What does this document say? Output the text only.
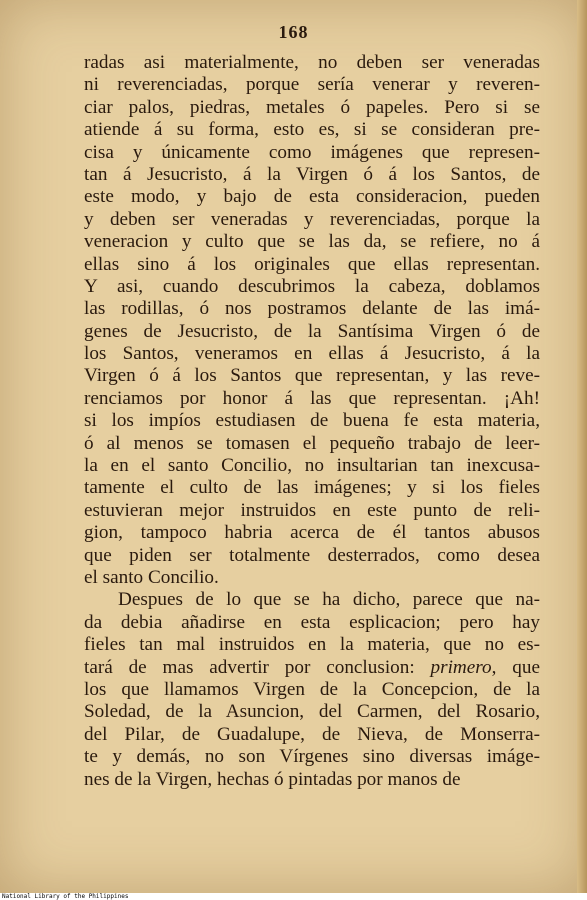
168
radas asi materialmente, no deben ser veneradas
ni reverenciadas, porque sería venerar y reveren-
ciar palos, piedras, metales ó papeles. Pero si se
atiende á su forma, esto es, si se consideran pre-
cisa y únicamente como imágenes que represen-
tan á Jesucristo, á la Virgen ó á los Santos, de
este modo, y bajo de esta consideracion, pueden
y deben ser veneradas y reverenciadas, porque la
veneracion y culto que se las da, se refiere, no á
ellas sino á los originales que ellas representan.
Y asi, cuando descubrimos la cabeza, doblamos
las rodillas, ó nos postramos delante de las imá-
genes de Jesucristo, de la Santísima Virgen ó de
los Santos, veneramos en ellas á Jesucristo, á la
Virgen ó á los Santos que representan, y las reve-
renciamos por honor á las que representan. ¡Ah!
si los impíos estudiasen de buena fe esta materia,
ó al menos se tomasen el pequeño trabajo de leer-
la en el santo Concilio, no insultarian tan inexcusa-
tamente el culto de las imágenes; y si los fieles
estuvieran mejor instruidos en este punto de reli-
gion, tampoco habria acerca de él tantos abusos
que piden ser totalmente desterrados, como desea
el santo Concilio.
Despues de lo que se ha dicho, parece que na-
da debia añadirse en esta esplicacion; pero hay
fieles tan mal instruidos en la materia, que no es-
tará de mas advertir por conclusion: primero, que
los que llamamos Virgen de la Concepcion, de la
Soledad, de la Asuncion, del Carmen, del Rosario,
del Pilar, de Guadalupe, de Nieva, de Monserra-
te y demás, no son Vírgenes sino diversas imáge-
nes de la Virgen, hechas ó pintadas por manos de
National Library of the Philippines
